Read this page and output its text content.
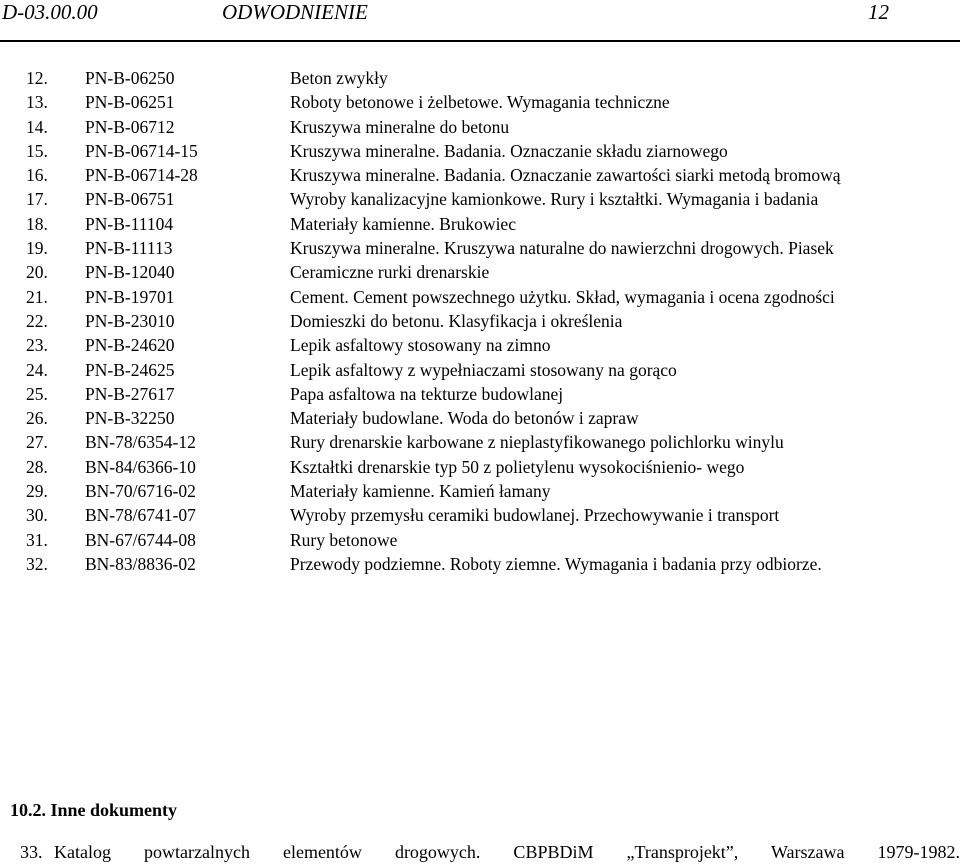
D-03.00.00	ODWODNIENIE	12
12.	PN-B-06250	Beton zwykły
13.	PN-B-06251	Roboty betonowe i żelbetowe. Wymagania techniczne
14.	PN-B-06712	Kruszywa mineralne do betonu
15.	PN-B-06714-15	Kruszywa mineralne. Badania. Oznaczanie składu ziarnowego
16.	PN-B-06714-28	Kruszywa mineralne. Badania. Oznaczanie zawartości siarki metodą bromową
17.	PN-B-06751	Wyroby kanalizacyjne kamionkowe. Rury i kształtki. Wymagania i badania
18.	PN-B-11104	Materiały kamienne. Brukowiec
19.	PN-B-11113	Kruszywa mineralne. Kruszywa naturalne do nawierzchni drogowych. Piasek
20.	PN-B-12040	Ceramiczne rurki drenarskie
21.	PN-B-19701	Cement. Cement powszechnego użytku. Skład, wymagania i ocena zgodności
22.	PN-B-23010	Domieszki do betonu. Klasyfikacja i określenia
23.	PN-B-24620	Lepik asfaltowy stosowany na zimno
24.	PN-B-24625	Lepik asfaltowy z wypełniaczami stosowany na gorąco
25.	PN-B-27617	Papa asfaltowa na tekturze budowlanej
26.	PN-B-32250	Materiały budowlane. Woda do betonów i zapraw
27.	BN-78/6354-12	Rury drenarskie karbowane z nieplastyfikowanego polichlorku winylu
28.	BN-84/6366-10	Kształtki drenarskie typ 50 z polietylenu wysokociśnienio- wego
29.	BN-70/6716-02	Materiały kamienne. Kamień łamany
30.	BN-78/6741-07	Wyroby przemysłu ceramiki budowlanej. Przechowywanie i transport
31.	BN-67/6744-08	Rury betonowe
32.	BN-83/8836-02	Przewody podziemne. Roboty ziemne. Wymagania i badania przy odbiorze.
10.2. Inne dokumenty
33. Katalog powtarzalnych elementów drogowych. CBPBDiM „Transprojekt”, Warszawa 1979-1982.
